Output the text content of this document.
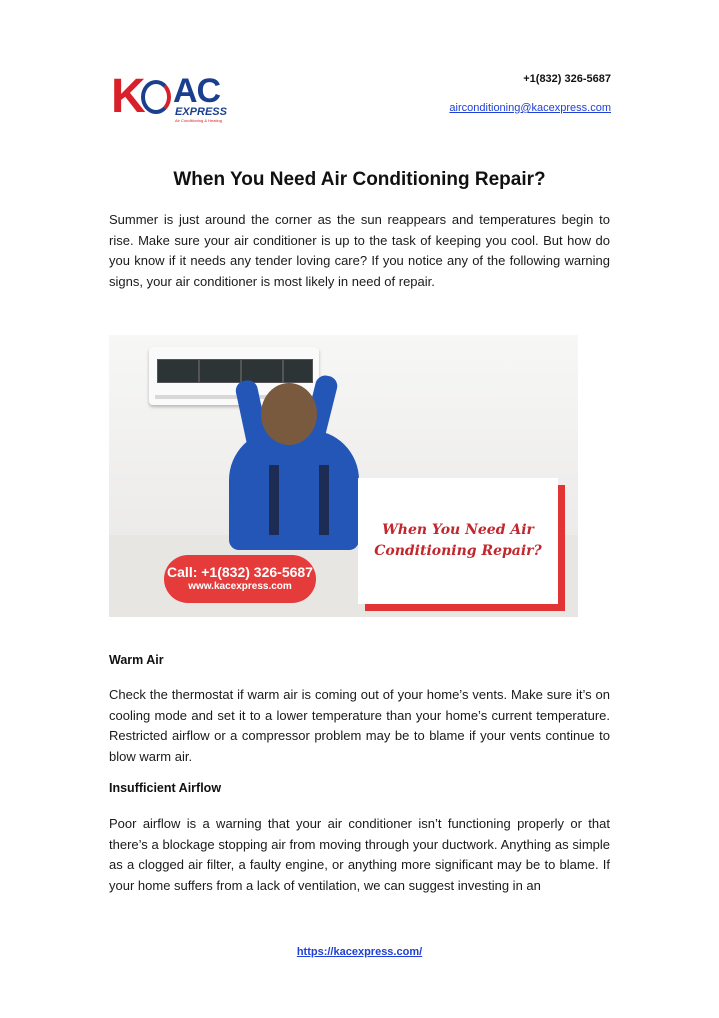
K AC
EXPRESS
Air Conditioning & Heating
+1(832) 326-5687
airconditioning@kacexpress.com
When You Need Air Conditioning Repair?
Summer is just around the corner as the sun reappears and temperatures begin to rise. Make sure your air conditioner is up to the task of keeping you cool. But how do you know if it needs any tender loving care? If you notice any of the following warning signs, your air conditioner is most likely in need of repair.
Call: +1(832) 326-5687
www.kacexpress.com
When You Need Air Conditioning Repair?
Warm Air
Check the thermostat if warm air is coming out of your home’s vents. Make sure it’s on cooling mode and set it to a lower temperature than your home’s current temperature. Restricted airflow or a compressor problem may be to blame if your vents continue to blow warm air.
Insufficient Airflow
Poor airflow is a warning that your air conditioner isn’t functioning properly or that there’s a blockage stopping air from moving through your ductwork. Anything as simple as a clogged air filter, a faulty engine, or anything more significant may be to blame. If your home suffers from a lack of ventilation, we can suggest investing in an
https://kacexpress.com/
